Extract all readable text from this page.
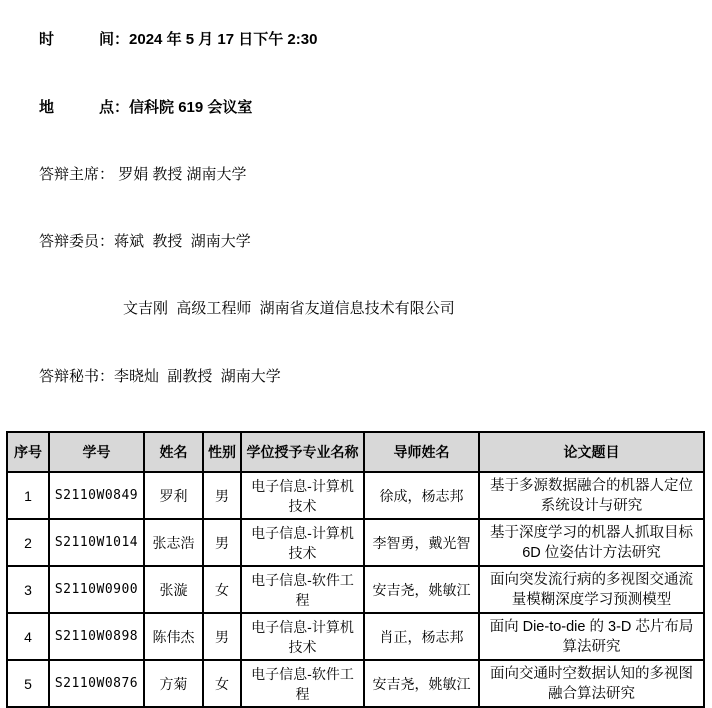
时　　　间：2024 年 5 月 17 日下午 2:30

地　　　点：信科院 619 会议室

答辩主席： 罗娟 教授 湖南大学

答辩委员：蒋斌  教授  湖南大学

文吉刚  高级工程师  湖南省友道信息技术有限公司

答辩秘书：李晓灿  副教授  湖南大学

序号	学号	姓名	性别	学位授予专业名称	导师姓名	论文题目
1	S2110W0849	罗利	男	电子信息-计算机技术	徐成，杨志邦	基于多源数据融合的机器人定位系统设计与研究
2	S2110W1014	张志浩	男	电子信息-计算机技术	李智勇，戴光智	基于深度学习的机器人抓取目标 6D 位姿估计方法研究
3	S2110W0900	张漩	女	电子信息-软件工程	安吉尧，姚敏江	面向突发流行病的多视图交通流量模糊深度学习预测模型
4	S2110W0898	陈伟杰	男	电子信息-计算机技术	肖正，杨志邦	面向 Die-to-die 的 3-D 芯片布局算法研究
5	S2110W0876	方菊	女	电子信息-软件工程	安吉尧，姚敏江	面向交通时空数据认知的多视图融合算法研究
